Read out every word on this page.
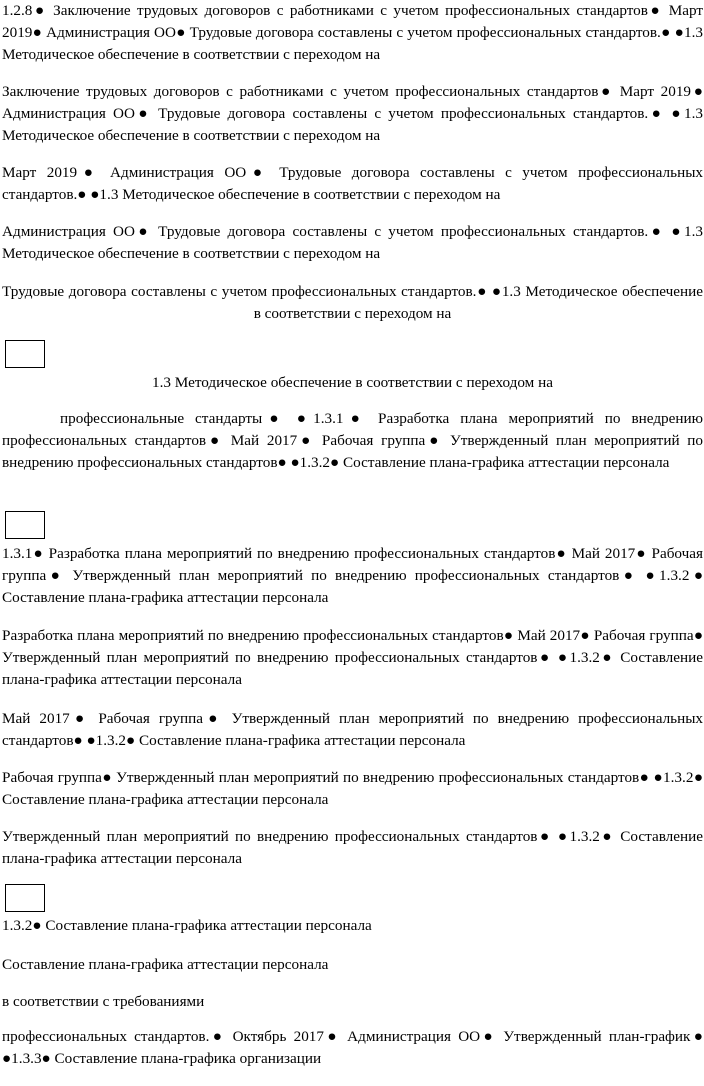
1.2.8● Заключение трудовых договоров с работниками с учетом профессиональных стандартов● Март 2019● Администрация ОО● Трудовые договора составлены с учетом профессиональных стандартов.● ●1.3 Методическое обеспечение в соответствии с переходом на

Заключение трудовых договоров с работниками с учетом профессиональных стандартов● Март 2019● Администрация ОО● Трудовые договора составлены с учетом профессиональных стандартов.● ●1.3 Методическое обеспечение в соответствии с переходом на

Март 2019● Администрация ОО● Трудовые договора составлены с учетом профессиональных стандартов.● ●1.3 Методическое обеспечение в соответствии с переходом на

Администрация ОО● Трудовые договора составлены с учетом профессиональных стандартов.● ●1.3 Методическое обеспечение в соответствии с переходом на

Трудовые договора составлены с учетом профессиональных стандартов.● ●1.3 Методическое обеспечение в соответствии с переходом на

1.3 Методическое обеспечение в соответствии с переходом на

профессиональные стандарты● ●1.3.1● Разработка плана мероприятий по внедрению профессиональных стандартов● Май 2017● Рабочая группа● Утвержденный план мероприятий по внедрению профессиональных стандартов● ●1.3.2● Составление плана-графика аттестации персонала

1.3.1● Разработка плана мероприятий по внедрению профессиональных стандартов● Май 2017● Рабочая группа● Утвержденный план мероприятий по внедрению профессиональных стандартов● ●1.3.2● Составление плана-графика аттестации персонала

Разработка плана мероприятий по внедрению профессиональных стандартов● Май 2017● Рабочая группа● Утвержденный план мероприятий по внедрению профессиональных стандартов● ●1.3.2● Составление плана-графика аттестации персонала

Май 2017● Рабочая группа● Утвержденный план мероприятий по внедрению профессиональных стандартов● ●1.3.2● Составление плана-графика аттестации персонала

Рабочая группа● Утвержденный план мероприятий по внедрению профессиональных стандартов● ●1.3.2● Составление плана-графика аттестации персонала

Утвержденный план мероприятий по внедрению профессиональных стандартов● ●1.3.2● Составление плана-графика аттестации персонала

1.3.2● Составление плана-графика аттестации персонала

Составление плана-графика аттестации персонала

в соответствии с требованиями

профессиональных стандартов.● Октябрь 2017● Администрация ОО● Утвержденный план-график● ●1.3.3● Составление плана-графика организации
